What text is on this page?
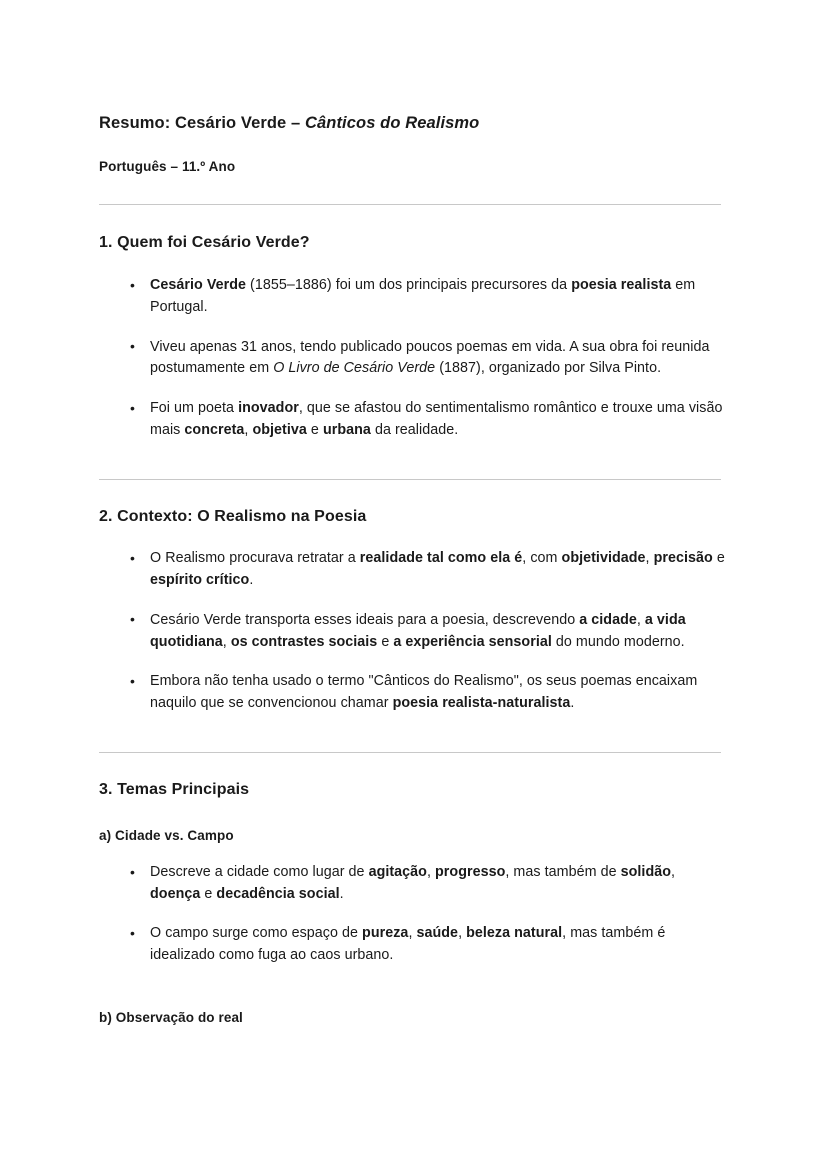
Resumo: Cesário Verde – Cânticos do Realismo
Português – 11.º Ano
1. Quem foi Cesário Verde?
• Cesário Verde (1855–1886) foi um dos principais precursores da poesia realista em Portugal.
• Viveu apenas 31 anos, tendo publicado poucos poemas em vida. A sua obra foi reunida postumamente em O Livro de Cesário Verde (1887), organizado por Silva Pinto.
• Foi um poeta inovador, que se afastou do sentimentalismo romântico e trouxe uma visão mais concreta, objetiva e urbana da realidade.
2. Contexto: O Realismo na Poesia
• O Realismo procurava retratar a realidade tal como ela é, com objetividade, precisão e espírito crítico.
• Cesário Verde transporta esses ideais para a poesia, descrevendo a cidade, a vida quotidiana, os contrastes sociais e a experiência sensorial do mundo moderno.
• Embora não tenha usado o termo "Cânticos do Realismo", os seus poemas encaixam naquilo que se convencionou chamar poesia realista-naturalista.
3. Temas Principais
a) Cidade vs. Campo
• Descreve a cidade como lugar de agitação, progresso, mas também de solidão, doença e decadência social.
• O campo surge como espaço de pureza, saúde, beleza natural, mas também é idealizado como fuga ao caos urbano.
b) Observação do real
